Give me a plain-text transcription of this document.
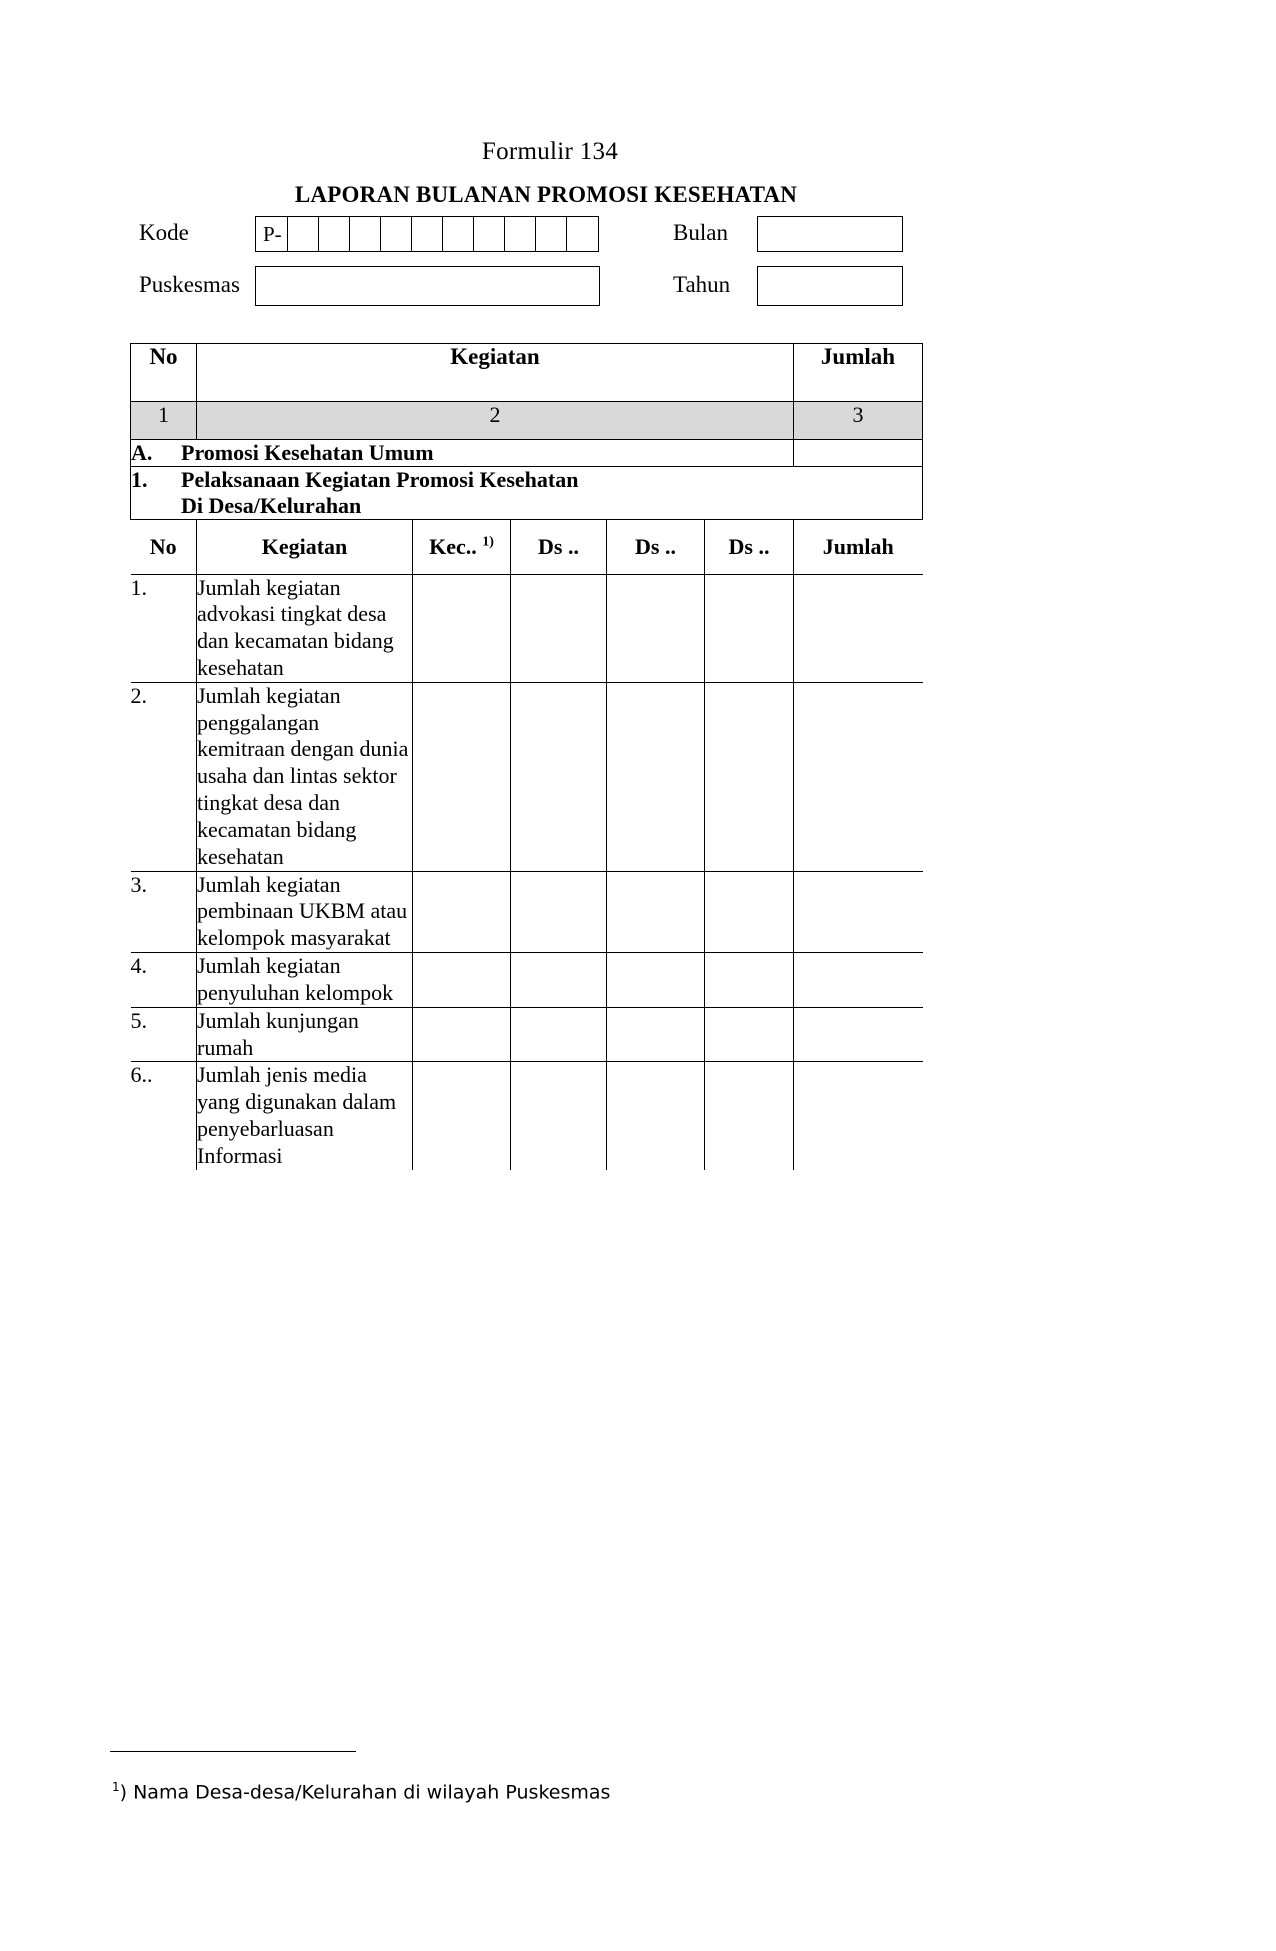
Formulir 134
LAPORAN BULANAN PROMOSI KESEHATAN
Kode
Puskesmas
Bulan
Tahun
P-
No	Kegiatan	Jumlah
1	2	3
A. Promosi Kesehatan Umum	
1. Pelaksanaan Kegiatan Promosi Kesehatan
Di Desa/Kelurahan

No	Kegiatan	Kec.. $^{1)}$	Ds ..	Ds ..	Ds ..	Jumlah
1.	Jumlah kegiatan advokasi tingkat desa dan kecamatan bidang kesehatan					
2.	Jumlah kegiatan penggalangan kemitraan dengan dunia usaha dan lintas sektor tingkat desa dan kecamatan bidang kesehatan					
3.	Jumlah kegiatan pembinaan UKBM atau kelompok masyarakat					
4.	Jumlah kegiatan penyuluhan kelompok					
5.	Jumlah kunjungan rumah					
6..	Jumlah jenis media yang digunakan dalam penyebarluasan Informasi					
$^1$) Nama Desa-desa/Kelurahan di wilayah Puskesmas
